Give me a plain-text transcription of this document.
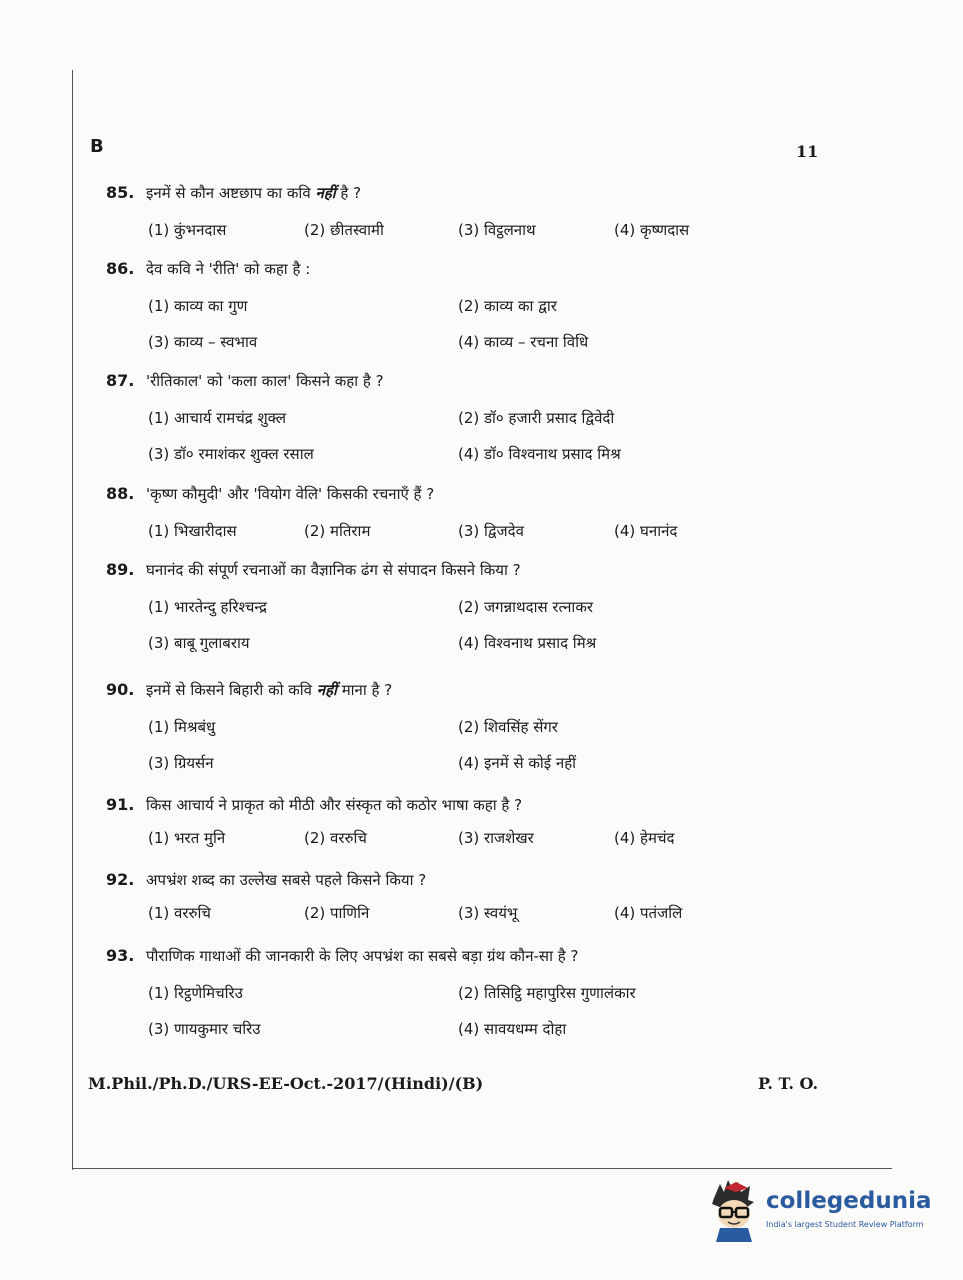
B	11
85. इनमें से कौन अष्टछाप का कवि नहीं है ?
(1) कुंभनदास	(2) छीतस्वामी	(3) विट्ठलनाथ	(4) कृष्णदास
86. देव कवि ने 'रीति' को कहा है :
(1) काव्य का गुण	(2) काव्य का द्वार
(3) काव्य – स्वभाव	(4) काव्य – रचना विधि
87. 'रीतिकाल' को 'कला काल' किसने कहा है ?
(1) आचार्य रामचंद्र शुक्ल	(2) डॉ० हजारी प्रसाद द्विवेदी
(3) डॉ० रमाशंकर शुक्ल रसाल	(4) डॉ० विश्वनाथ प्रसाद मिश्र
88. 'कृष्ण कौमुदी' और 'वियोग वेलि' किसकी रचनाएँ हैं ?
(1) भिखारीदास	(2) मतिराम	(3) द्विजदेव	(4) घनानंद
89. घनानंद की संपूर्ण रचनाओं का वैज्ञानिक ढंग से संपादन किसने किया ?
(1) भारतेन्दु हरिश्चन्द्र	(2) जगन्नाथदास रत्नाकर
(3) बाबू गुलाबराय	(4) विश्वनाथ प्रसाद मिश्र
90. इनमें से किसने बिहारी को कवि नहीं माना है ?
(1) मिश्रबंधु	(2) शिवसिंह सेंगर
(3) ग्रियर्सन	(4) इनमें से कोई नहीं
91. किस आचार्य ने प्राकृत को मीठी और संस्कृत को कठोर भाषा कहा है ?
(1) भरत मुनि	(2) वररुचि	(3) राजशेखर	(4) हेमचंद
92. अपभ्रंश शब्द का उल्लेख सबसे पहले किसने किया ?
(1) वररुचि	(2) पाणिनि	(3) स्वयंभू	(4) पतंजलि
93. पौराणिक गाथाओं की जानकारी के लिए अपभ्रंश का सबसे बड़ा ग्रंथ कौन-सा है ?
(1) रिट्ठणेमिचरिउ	(2) तिसिट्ठि महापुरिस गुणालंकार
(3) णायकुमार चरिउ	(4) सावयधम्म दोहा
M.Phil./Ph.D./URS-EE-Oct.-2017/(Hindi)/(B)	P. T. O.
collegedunia
India's largest Student Review Platform
